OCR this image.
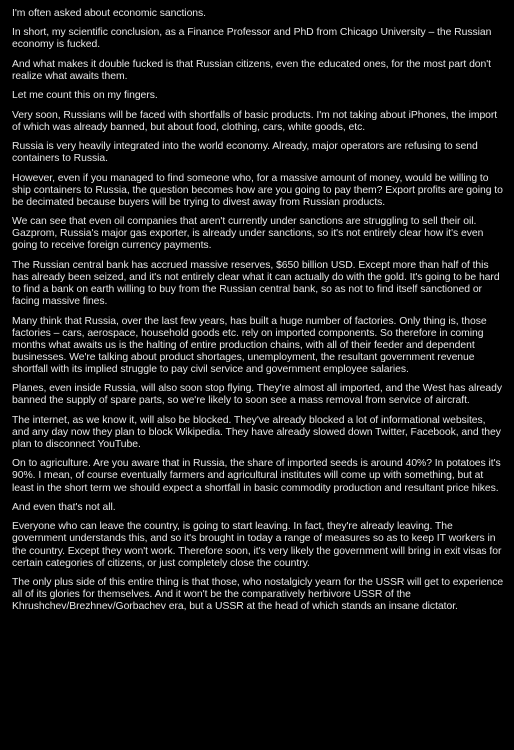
I'm often asked about economic sanctions.

In short, my scientific conclusion, as a Finance Professor and PhD from Chicago University – the Russian economy is fucked.

And what makes it double fucked is that Russian citizens, even the educated ones, for the most part don't realize what awaits them.

Let me count this on my fingers.

Very soon, Russians will be faced with shortfalls of basic products. I'm not taking about iPhones, the import of which was already banned, but about food, clothing, cars, white goods, etc.

Russia is very heavily integrated into the world economy. Already, major operators are refusing to send containers to Russia.

However, even if you managed to find someone who, for a massive amount of money, would be willing to ship containers to Russia, the question becomes how are you going to pay them? Export profits are going to be decimated because buyers will be trying to divest away from Russian products.

We can see that even oil companies that aren't currently under sanctions are struggling to sell their oil. Gazprom, Russia's major gas exporter, is already under sanctions, so it's not entirely clear how it's even going to receive foreign currency payments.

The Russian central bank has accrued massive reserves, $650 billion USD. Except more than half of this has already been seized, and it's not entirely clear what it can actually do with the gold. It's going to be hard to find a bank on earth willing to buy from the Russian central bank, so as not to find itself sanctioned or facing massive fines.

Many think that Russia, over the last few years, has built a huge number of factories. Only thing is, those factories – cars, aerospace, household goods etc. rely on imported components. So therefore in coming months what awaits us is the halting of entire production chains, with all of their feeder and dependent businesses. We're talking about product shortages, unemployment, the resultant government revenue shortfall with its implied struggle to pay civil service and government employee salaries.

Planes, even inside Russia, will also soon stop flying. They're almost all imported, and the West has already banned the supply of spare parts, so we're likely to soon see a mass removal from service of aircraft.

The internet, as we know it, will also be blocked. They've already blocked a lot of informational websites, and any day now they plan to block Wikipedia. They have already slowed down Twitter, Facebook, and they plan to disconnect YouTube.

On to agriculture. Are you aware that in Russia, the share of imported seeds is around 40%? In potatoes it's 90%. I mean, of course eventually farmers and agricultural institutes will come up with something, but at least in the short term we should expect a shortfall in basic commodity production and resultant price hikes.

And even that's not all.

Everyone who can leave the country, is going to start leaving. In fact, they're already leaving. The government understands this, and so it's brought in today a range of measures so as to keep IT workers in the country. Except they won't work. Therefore soon, it's very likely the government will bring in exit visas for certain categories of citizens, or just completely close the country.

The only plus side of this entire thing is that those, who nostalgicly yearn for the USSR will get to experience all of its glories for themselves. And it won't be the comparatively herbivore USSR of the Khrushchev/Brezhnev/Gorbachev era, but a USSR at the head of which stands an insane dictator.
